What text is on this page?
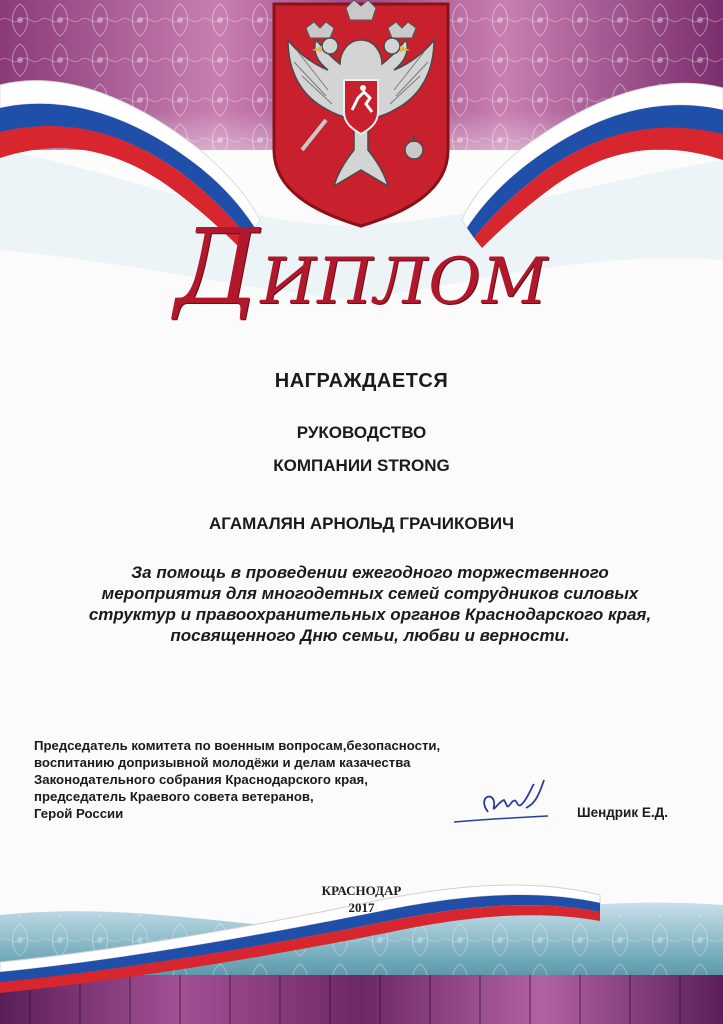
ДИПЛОМ
НАГРАЖДАЕТСЯ
РУКОВОДСТВО
КОМПАНИИ STRONG
АГАМАЛЯН АРНОЛЬД ГРАЧИКОВИЧ
За помощь в проведении ежегодного торжественного
мероприятия для многодетных семей сотрудников силовых
структур и правоохранительных органов Краснодарского края,
посвященного Дню семьи, любви и верности.
Председатель комитета по военным вопросам,безопасности,
воспитанию допризывной молодёжи и делам казачества
Законодательного собрания Краснодарского края,
председатель Краевого совета ветеранов,
Герой России	Шендрик Е.Д.
КРАСНОДАР
2017
